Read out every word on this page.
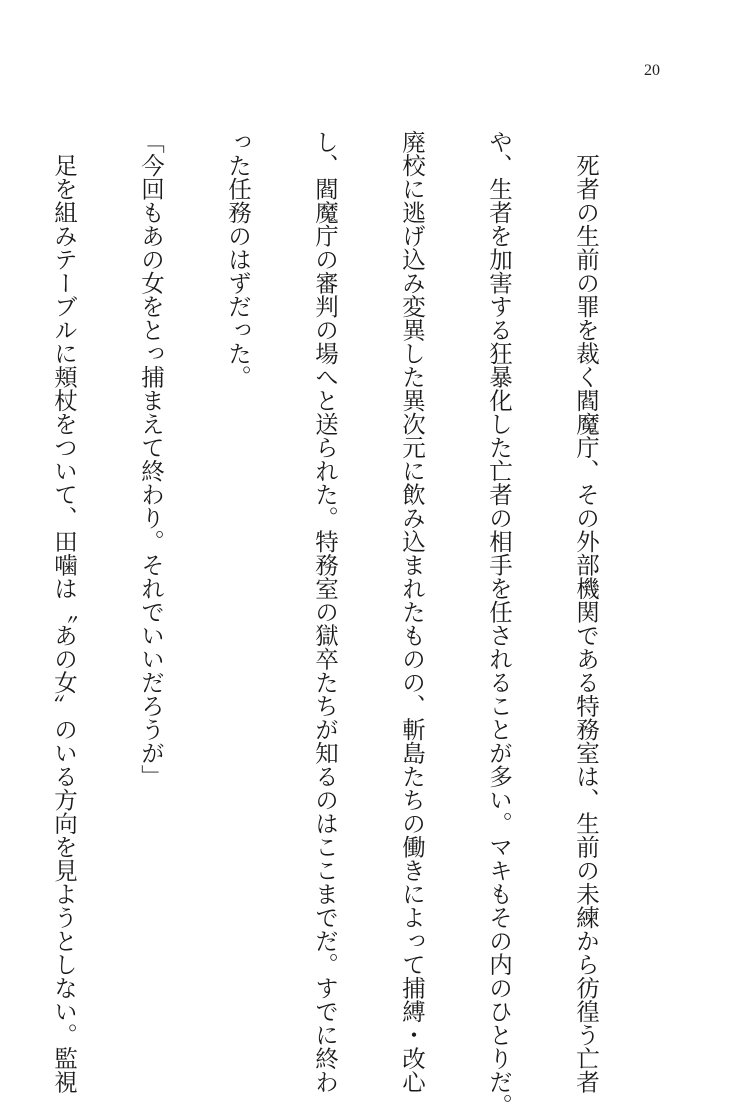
20

　死者の生前の罪を裁く閻魔庁、その外部機関である特務室は、生前の未練から彷徨う亡者

や、生者を加害する狂暴化した亡者の相手を任されることが多い。マキもその内のひとりだ。

廃校に逃げ込み変異した異次元に飲み込まれたものの、斬島たちの働きによって捕縛・改心

し、閻魔庁の審判の場へと送られた。特務室の獄卒たちが知るのはここまでだ。すでに終わ

った任務のはずだった。

「今回もあの女をとっ捕まえて終わり。それでいいだろうが」

　足を組みテーブルに頬杖をついて、田噛は〝あの女〟のいる方向を見ようとしない。監視
